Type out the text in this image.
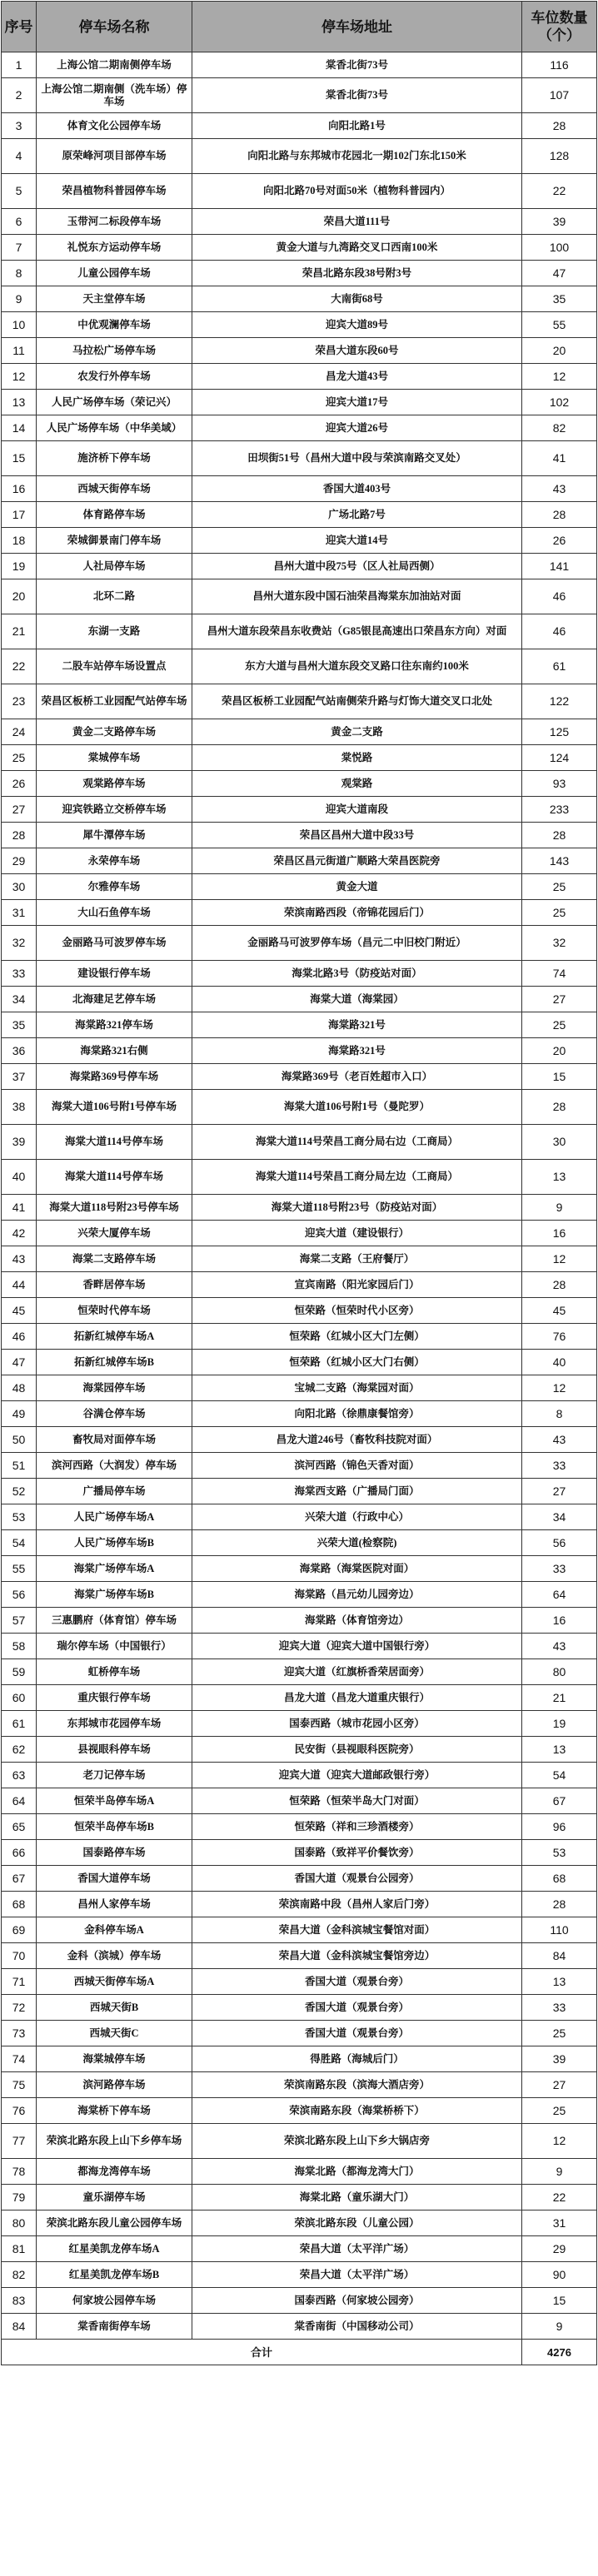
序号	停车场名称	停车场地址	车位数量（个）
1	上海公馆二期南侧停车场	棠香北街73号	116
2	上海公馆二期南侧（洗车场）停车场	棠香北街73号	107
3	体育文化公园停车场	向阳北路1号	28
4	原荣峰河项目部停车场	向阳北路与东邦城市花园北一期102门东北150米	128
5	荣昌植物科普园停车场	向阳北路70号对面50米（植物科普园内）	22
6	玉带河二标段停车场	荣昌大道111号	39
7	礼悦东方运动停车场	黄金大道与九湾路交叉口西南100米	100
8	儿童公园停车场	荣昌北路东段38号附3号	47
9	天主堂停车场	大南街68号	35
10	中优观澜停车场	迎宾大道89号	55
11	马拉松广场停车场	荣昌大道东段60号	20
12	农发行外停车场	昌龙大道43号	12
13	人民广场停车场（荣记兴）	迎宾大道17号	102
14	人民广场停车场（中华美域）	迎宾大道26号	82
15	施济桥下停车场	田坝街51号（昌州大道中段与荣滨南路交叉处）	41
16	西城天街停车场	香国大道403号	43
17	体育路停车场	广场北路7号	28
18	荣城御景南门停车场	迎宾大道14号	26
19	人社局停车场	昌州大道中段75号（区人社局西侧）	141
20	北环二路	昌州大道东段中国石油荣昌海棠东加油站对面	46
21	东湖一支路	昌州大道东段荣昌东收费站（G85银昆高速出口荣昌东方向）对面	46
22	二股车站停车场设置点	东方大道与昌州大道东段交叉路口往东南约100米	61
23	荣昌区板桥工业园配气站停车场	荣昌区板桥工业园配气站南侧荣升路与灯饰大道交叉口北处	122
24	黄金二支路停车场	黄金二支路	125
25	棠城停车场	棠悦路	124
26	观棠路停车场	观棠路	93
27	迎宾铁路立交桥停车场	迎宾大道南段	233
28	犀牛潭停车场	荣昌区昌州大道中段33号	28
29	永荣停车场	荣昌区昌元街道广顺路大荣昌医院旁	143
30	尔雅停车场	黄金大道	25
31	大山石鱼停车场	荣滨南路西段（帝锦花园后门）	25
32	金丽路马可波罗停车场	金丽路马可波罗停车场（昌元二中旧校门附近）	32
33	建设银行停车场	海棠北路3号（防疫站对面）	74
34	北海建足艺停车场	海棠大道（海棠园）	27
35	海棠路321停车场	海棠路321号	25
36	海棠路321右侧	海棠路321号	20
37	海棠路369号停车场	海棠路369号（老百姓超市入口）	15
38	海棠大道106号附1号停车场	海棠大道106号附1号（曼陀罗）	28
39	海棠大道114号停车场	海棠大道114号荣昌工商分局右边（工商局）	30
40	海棠大道114号停车场	海棠大道114号荣昌工商分局左边（工商局）	13
41	海棠大道118号附23号停车场	海棠大道118号附23号（防疫站对面）	9
42	兴荣大厦停车场	迎宾大道（建设银行）	16
43	海棠二支路停车场	海棠二支路（王府餐厅）	12
44	香畔居停车场	宣宾南路（阳光家园后门）	28
45	恒荣时代停车场	恒荣路（恒荣时代小区旁）	45
46	拓新红城停车场A	恒荣路（红城小区大门左侧）	76
47	拓新红城停车场B	恒荣路（红城小区大门右侧）	40
48	海棠园停车场	宝城二支路（海棠园对面）	12
49	谷满仓停车场	向阳北路（徐鼎康餐馆旁）	8
50	畜牧局对面停车场	昌龙大道246号（畜牧科技院对面）	43
51	滨河西路（大润发）停车场	滨河西路（锦色天香对面）	33
52	广播局停车场	海棠西支路（广播局门面）	27
53	人民广场停车场A	兴荣大道（行政中心）	34
54	人民广场停车场B	兴荣大道(检察院)	56
55	海棠广场停车场A	海棠路（海棠医院对面）	33
56	海棠广场停车场B	海棠路（昌元幼儿园旁边）	64
57	三惠鹏府（体育馆）停车场	海棠路（体育馆旁边）	16
58	瑞尔停车场（中国银行）	迎宾大道（迎宾大道中国银行旁）	43
59	虹桥停车场	迎宾大道（红旗桥香荣居面旁）	80
60	重庆银行停车场	昌龙大道（昌龙大道重庆银行）	21
61	东邦城市花园停车场	国泰西路（城市花园小区旁）	19
62	县视眼科停车场	民安街（县视眼科医院旁）	13
63	老刀记停车场	迎宾大道（迎宾大道邮政银行旁）	54
64	恒荣半岛停车场A	恒荣路（恒荣半岛大门对面）	67
65	恒荣半岛停车场B	恒荣路（祥和三珍酒楼旁）	96
66	国泰路停车场	国泰路（致祥平价餐饮旁）	53
67	香国大道停车场	香国大道（观景台公园旁）	68
68	昌州人家停车场	荣滨南路中段（昌州人家后门旁）	28
69	金科停车场A	荣昌大道（金科滨城宝餐馆对面）	110
70	金科（滨城）停车场	荣昌大道（金科滨城宝餐馆旁边）	84
71	西城天街停车场A	香国大道（观景台旁）	13
72	西城天街B	香国大道（观景台旁）	33
73	西城天街C	香国大道（观景台旁）	25
74	海棠城停车场	得胜路（海城后门）	39
75	滨河路停车场	荣滨南路东段（滨海大酒店旁）	27
76	海棠桥下停车场	荣滨南路东段（海棠桥桥下）	25
77	荣滨北路东段上山下乡停车场	荣滨北路东段上山下乡大锅店旁	12
78	都海龙湾停车场	海棠北路（都海龙湾大门）	9
79	童乐湖停车场	海棠北路（童乐湖大门）	22
80	荣滨北路东段儿童公园停车场	荣滨北路东段（儿童公园）	31
81	红星美凯龙停车场A	荣昌大道（太平洋广场）	29
82	红星美凯龙停车场B	荣昌大道（太平洋广场）	90
83	何家坡公园停车场	国泰西路（何家坡公园旁）	15
84	棠香南街停车场	棠香南街（中国移动公司）	9
合计			4276
